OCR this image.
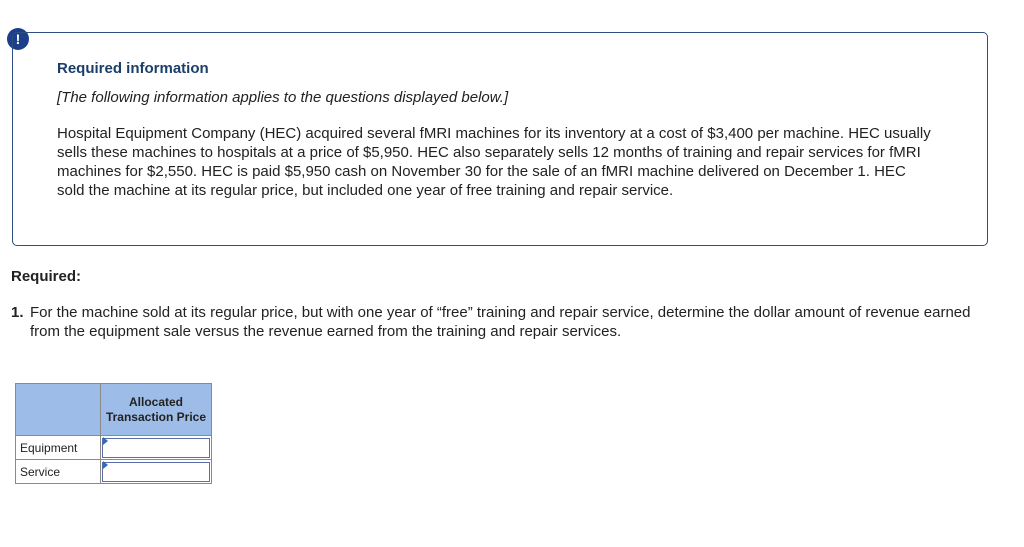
!
Required information
[The following information applies to the questions displayed below.]
Hospital Equipment Company (HEC) acquired several fMRI machines for its inventory at a cost of $3,400 per machine. HEC usually sells these machines to hospitals at a price of $5,950. HEC also separately sells 12 months of training and repair services for fMRI machines for $2,550. HEC is paid $5,950 cash on November 30 for the sale of an fMRI machine delivered on December 1. HEC sold the machine at its regular price, but included one year of free training and repair service.
Required:
1. For the machine sold at its regular price, but with one year of “free” training and repair service, determine the dollar amount of revenue earned from the equipment sale versus the revenue earned from the training and repair services.
	Allocated Transaction Price
Equipment	

Service	
